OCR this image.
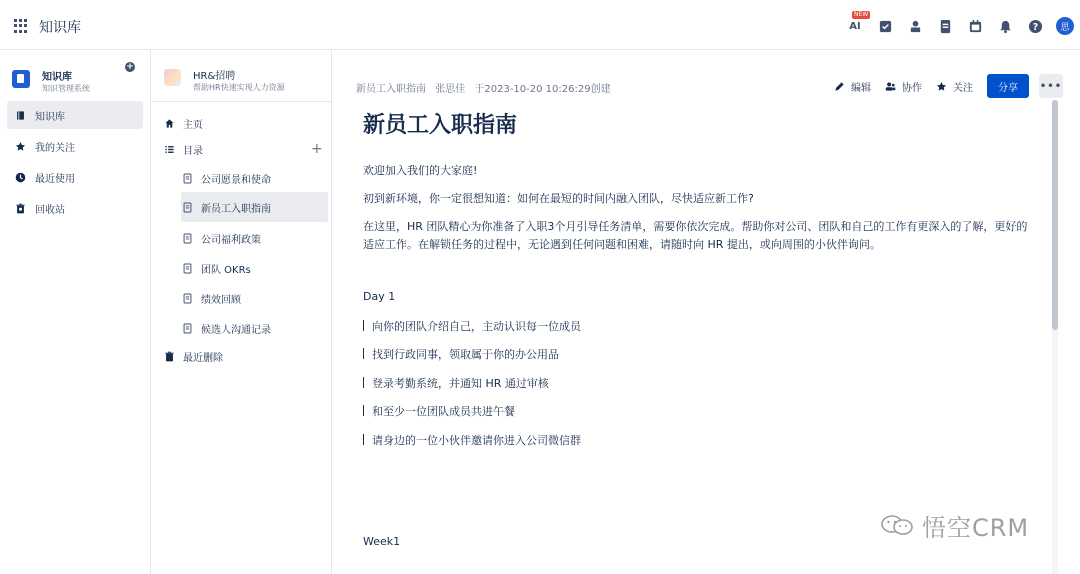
知识库	AI
NEW
?	思
知识库
知识管理系统
+
知识库
我的关注
最近使用
回收站
HR&招聘
帮助HR快速实现人力资源
主页
目录	+
公司愿景和使命
新员工入职指南
公司福利政策
团队 OKRs
绩效回顾
候选人沟通记录
最近删除
新员工入职指南 张思佳 于2023-10-20 10:26:29创建	编辑	协作	关注	分享	•••
新员工入职指南
欢迎加入我们的大家庭!
初到新环境，你一定很想知道：如何在最短的时间内融入团队，尽快适应新工作?
在这里，HR 团队精心为你准备了入职3个月引导任务清单，需要你依次完成。帮助你对公司、团队和自己的工作有更深入的了解，更好的适应工作。在解锁任务的过程中，无论遇到任何问题和困难，请随时向 HR 提出，或向周围的小伙伴询问。
Day 1
向你的团队介绍自己，主动认识每一位成员
找到行政同事，领取属于你的办公用品
登录考勤系统，并通知 HR 通过审核
和至少一位团队成员共进午餐
请身边的一位小伙伴邀请你进入公司微信群
Week1	悟空CRM
